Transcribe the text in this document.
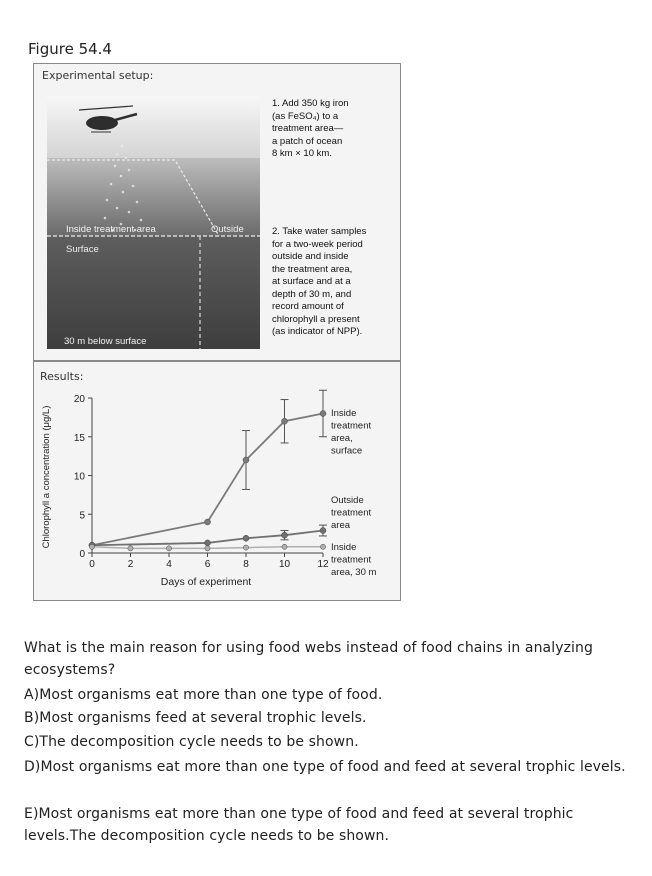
Figure 54.4
Experimental setup:
Inside treatment area	Outside
Surface
30 m below surface
1. Add 350 kg iron
(as FeSO₄) to a
treatment area—
a patch of ocean
8 km × 10 km.
2. Take water samples
for a two-week period
outside and inside
the treatment area,
at surface and at a
depth of 30 m, and
record amount of
chlorophyll a present
(as indicator of NPP).
Results:
0	2	4	6	8	10	12
0
5
10
15
20
Inside treatment area, surface
Outside treatment area
Inside treatment area, 30 m
Days of experiment
Chlorophyll a concentration (μg/L)
What is the main reason for using food webs instead of food chains in analyzing ecosystems?
A)Most organisms eat more than one type of food.
B)Most organisms feed at several trophic levels.
C)The decomposition cycle needs to be shown.
D)Most organisms eat more than one type of food and feed at several trophic levels.
E)Most organisms eat more than one type of food and feed at several trophic levels.The decomposition cycle needs to be shown.
